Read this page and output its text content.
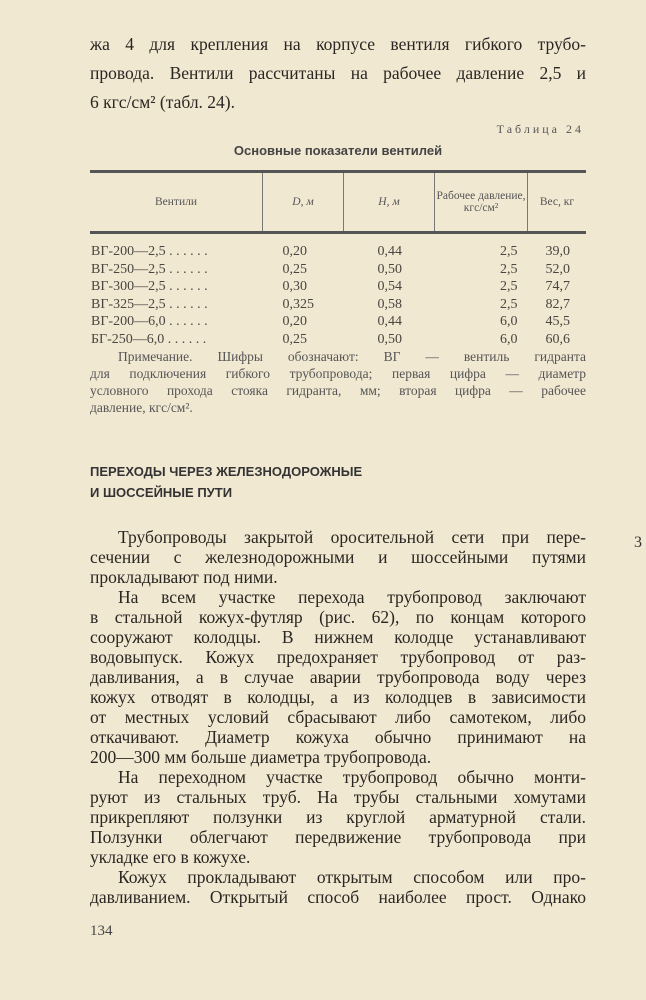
жа 4 для крепления на корпусе вентиля гибкого трубо-
провода. Вентили рассчитаны на рабочее давление 2,5 и
6 кгс/см² (табл. 24).
Таблица 24
Основные показатели вентилей
Вентили	D, м	H, м	Рабочее давление, кгс/см²	Вес, кг
ВГ-200—2,5 . . . . . .	0,20	0,44	2,5	39,0
ВГ-250—2,5 . . . . . .	0,25	0,50	2,5	52,0
ВГ-300—2,5 . . . . . .	0,30	0,54	2,5	74,7
ВГ-325—2,5 . . . . . .	0,325	0,58	2,5	82,7
ВГ-200—6,0 . . . . . .	0,20	0,44	6,0	45,5
БГ-250—6,0 . . . . . .	0,25	0,50	6,0	60,6
Примечание. Шифры обозначают: ВГ — вентиль гидранта
для подключения гибкого трубопровода; первая цифра — диаметр
условного прохода стояка гидранта, мм; вторая цифра — рабочее
давление, кгс/см².
ПЕРЕХОДЫ ЧЕРЕЗ ЖЕЛЕЗНОДОРОЖНЫЕ
И ШОССЕЙНЫЕ ПУТИ
Трубопроводы закрытой оросительной сети при пере-
сечении с железнодорожными и шоссейными путями
прокладывают под ними.
На всем участке перехода трубопровод заключают
в стальной кожух-футляр (рис. 62), по концам которого
сооружают колодцы. В нижнем колодце устанавливают
водовыпуск. Кожух предохраняет трубопровод от раз-
давливания, а в случае аварии трубопровода воду через
кожух отводят в колодцы, а из колодцев в зависимости
от местных условий сбрасывают либо самотеком, либо
откачивают. Диаметр кожуха обычно принимают на
200—300 мм больше диаметра трубопровода.
На переходном участке трубопровод обычно монти-
руют из стальных труб. На трубы стальными хомутами
прикрепляют ползунки из круглой арматурной стали.
Ползунки облегчают передвижение трубопровода при
укладке его в кожухе.
Кожух прокладывают открытым способом или про-
давливанием. Открытый способ наиболее прост. Однако
3
134
